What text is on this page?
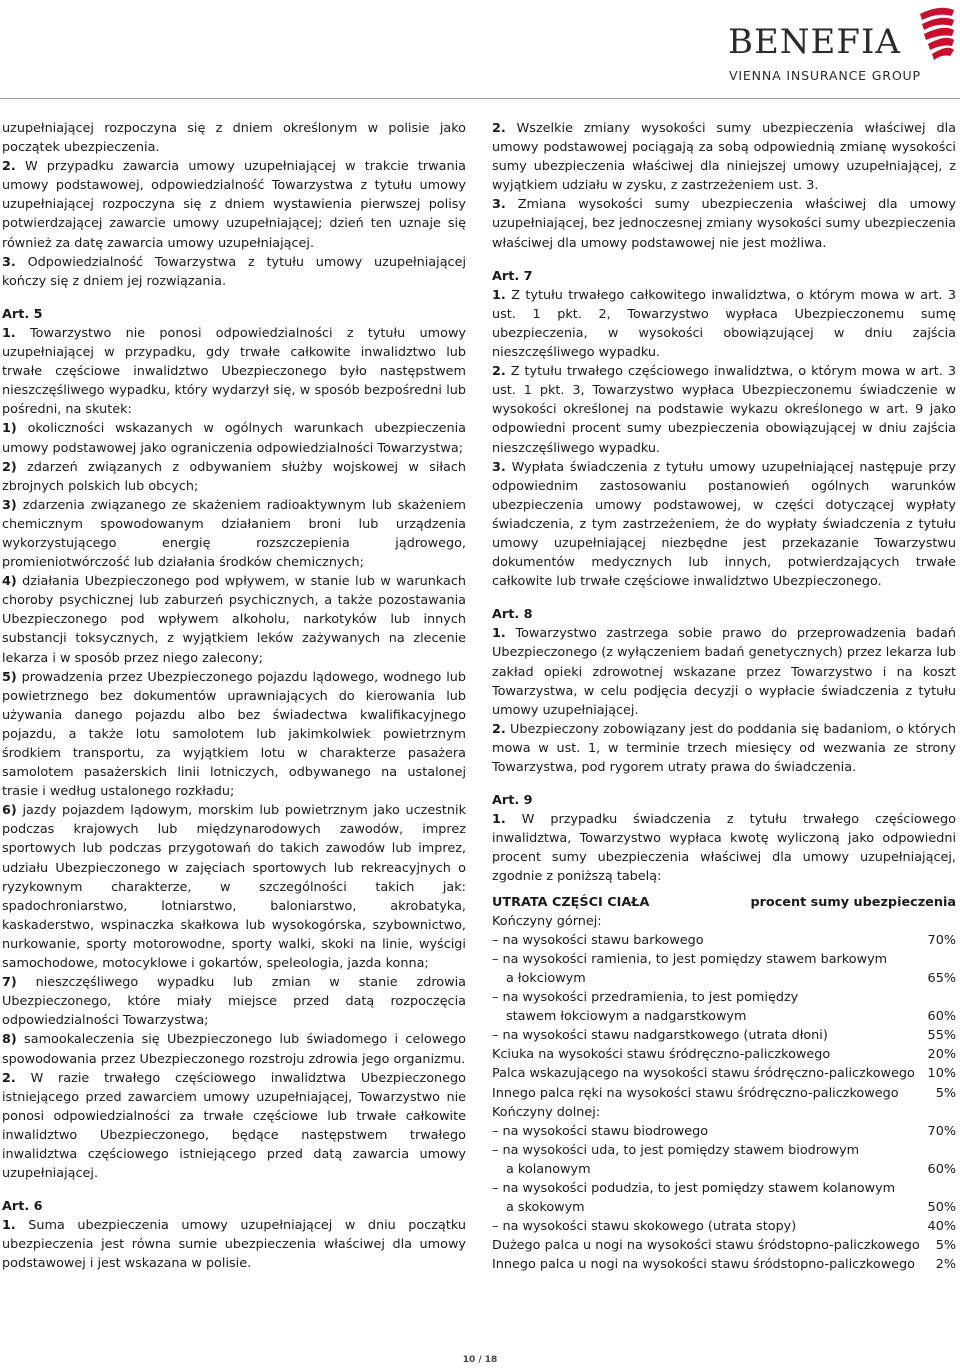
BENEFIA
VIENNA INSURANCE GROUP

uzupełniającej rozpoczyna się z dniem określonym w polisie jako początek ubezpieczenia.

2. W przypadku zawarcia umowy uzupełniającej w trakcie trwania umowy podstawowej, odpowiedzialność Towarzystwa z tytułu umowy uzupełniającej rozpoczyna się z dniem wystawienia pierwszej polisy potwierdzającej zawarcie umowy uzupełniającej; dzień ten uznaje się również za datę zawarcia umowy uzupełniającej.

3. Odpowiedzialność Towarzystwa z tytułu umowy uzupełniającej kończy się z dniem jej rozwiązania.

Art. 5

1. Towarzystwo nie ponosi odpowiedzialności z tytułu umowy uzupełniającej w przypadku, gdy trwałe całkowite inwalidztwo lub trwałe częściowe inwalidztwo Ubezpieczonego było następstwem nieszczęśliwego wypadku, który wydarzył się, w sposób bezpośredni lub pośredni, na skutek:

1) okoliczności wskazanych w ogólnych warunkach ubezpieczenia umowy podstawowej jako ograniczenia odpowiedzialności Towarzystwa;

2) zdarzeń związanych z odbywaniem służby wojskowej w siłach zbrojnych polskich lub obcych;

3) zdarzenia związanego ze skażeniem radioaktywnym lub skażeniem chemicznym spowodowanym działaniem broni lub urządzenia wykorzystującego energię rozszczepienia jądrowego, promieniotwórczość lub działania środków chemicznych;

4) działania Ubezpieczonego pod wpływem, w stanie lub w warunkach choroby psychicznej lub zaburzeń psychicznych, a także pozostawania Ubezpieczonego pod wpływem alkoholu, narkotyków lub innych substancji toksycznych, z wyjątkiem leków zażywanych na zlecenie lekarza i w sposób przez niego zalecony;

5) prowadzenia przez Ubezpieczonego pojazdu lądowego, wodnego lub powietrznego bez dokumentów uprawniających do kierowania lub używania danego pojazdu albo bez świadectwa kwalifikacyjnego pojazdu, a także lotu samolotem lub jakimkolwiek powietrznym środkiem transportu, za wyjątkiem lotu w charakterze pasażera samolotem pasażerskich linii lotniczych, odbywanego na ustalonej trasie i według ustalonego rozkładu;

6) jazdy pojazdem lądowym, morskim lub powietrznym jako uczestnik podczas krajowych lub międzynarodowych zawodów, imprez sportowych lub podczas przygotowań do takich zawodów lub imprez, udziału Ubezpieczonego w zajęciach sportowych lub rekreacyjnych o ryzykownym charakterze, w szczególności takich jak: spadochroniarstwo, lotniarstwo, baloniarstwo, akrobatyka, kaskaderstwo, wspinaczka skałkowa lub wysokogórska, szybownictwo, nurkowanie, sporty motorowodne, sporty walki, skoki na linie, wyścigi samochodowe, motocyklowe i gokartów, speleologia, jazda konna;

7) nieszczęśliwego wypadku lub zmian w stanie zdrowia Ubezpieczonego, które miały miejsce przed datą rozpoczęcia odpowiedzialności Towarzystwa;

8) samookaleczenia się Ubezpieczonego lub świadomego i celowego spowodowania przez Ubezpieczonego rozstroju zdrowia jego organizmu.

2. W razie trwałego częściowego inwalidztwa Ubezpieczonego istniejącego przed zawarciem umowy uzupełniającej, Towarzystwo nie ponosi odpowiedzialności za trwałe częściowe lub trwałe całkowite inwalidztwo Ubezpieczonego, będące następstwem trwałego inwalidztwa częściowego istniejącego przed datą zawarcia umowy uzupełniającej.

Art. 6

1. Suma ubezpieczenia umowy uzupełniającej w dniu początku ubezpieczenia jest równa sumie ubezpieczenia właściwej dla umowy podstawowej i jest wskazana w polisie.

2. Wszelkie zmiany wysokości sumy ubezpieczenia właściwej dla umowy podstawowej pociągają za sobą odpowiednią zmianę wysokości sumy ubezpieczenia właściwej dla niniejszej umowy uzupełniającej, z wyjątkiem udziału w zysku, z zastrzeżeniem ust. 3.

3. Zmiana wysokości sumy ubezpieczenia właściwej dla umowy uzupełniającej, bez jednoczesnej zmiany wysokości sumy ubezpieczenia właściwej dla umowy podstawowej nie jest możliwa.

Art. 7

1. Z tytułu trwałego całkowitego inwalidztwa, o którym mowa w art. 3 ust. 1 pkt. 2, Towarzystwo wypłaca Ubezpieczonemu sumę ubezpieczenia, w wysokości obowiązującej w dniu zajścia nieszczęśliwego wypadku.

2. Z tytułu trwałego częściowego inwalidztwa, o którym mowa w art. 3 ust. 1 pkt. 3, Towarzystwo wypłaca Ubezpieczonemu świadczenie w wysokości określonej na podstawie wykazu określonego w art. 9 jako odpowiedni procent sumy ubezpieczenia obowiązującej w dniu zajścia nieszczęśliwego wypadku.

3. Wypłata świadczenia z tytułu umowy uzupełniającej następuje przy odpowiednim zastosowaniu postanowień ogólnych warunków ubezpieczenia umowy podstawowej, w części dotyczącej wypłaty świadczenia, z tym zastrzeżeniem, że do wypłaty świadczenia z tytułu umowy uzupełniającej niezbędne jest przekazanie Towarzystwu dokumentów medycznych lub innych, potwierdzających trwałe całkowite lub trwałe częściowe inwalidztwo Ubezpieczonego.

Art. 8

1. Towarzystwo zastrzega sobie prawo do przeprowadzenia badań Ubezpieczonego (z wyłączeniem badań genetycznych) przez lekarza lub zakład opieki zdrowotnej wskazane przez Towarzystwo i na koszt Towarzystwa, w celu podjęcia decyzji o wypłacie świadczenia z tytułu umowy uzupełniającej.

2. Ubezpieczony zobowiązany jest do poddania się badaniom, o których mowa w ust. 1, w terminie trzech miesięcy od wezwania ze strony Towarzystwa, pod rygorem utraty prawa do świadczenia.

Art. 9

1. W przypadku świadczenia z tytułu trwałego częściowego inwalidztwa, Towarzystwo wypłaca kwotę wyliczoną jako odpowiedni procent sumy ubezpieczenia właściwej dla umowy uzupełniającej, zgodnie z poniższą tabelą:

UTRATA CZĘŚCI CIAŁA	procent sumy ubezpieczenia
Kończyny górnej:
– na wysokości stawu barkowego	70%
– na wysokości ramienia, to jest pomiędzy stawem barkowym
a łokciowym	65%
– na wysokości przedramienia, to jest pomiędzy
stawem łokciowym a nadgarstkowym	60%
– na wysokości stawu nadgarstkowego (utrata dłoni)	55%
Kciuka na wysokości stawu śródręczno-paliczkowego	20%
Palca wskazującego na wysokości stawu śródręczno-paliczkowego 10%
Innego palca ręki na wysokości stawu śródręczno-paliczkowego	5%
Kończyny dolnej:
– na wysokości stawu biodrowego	70%
– na wysokości uda, to jest pomiędzy stawem biodrowym
a kolanowym	60%
– na wysokości podudzia, to jest pomiędzy stawem kolanowym
a skokowym	50%
– na wysokości stawu skokowego (utrata stopy)	40%
Dużego palca u nogi na wysokości stawu śródstopno-paliczkowego 5%
Innego palca u nogi na wysokości stawu śródstopno-paliczkowego 2%
10 / 18
